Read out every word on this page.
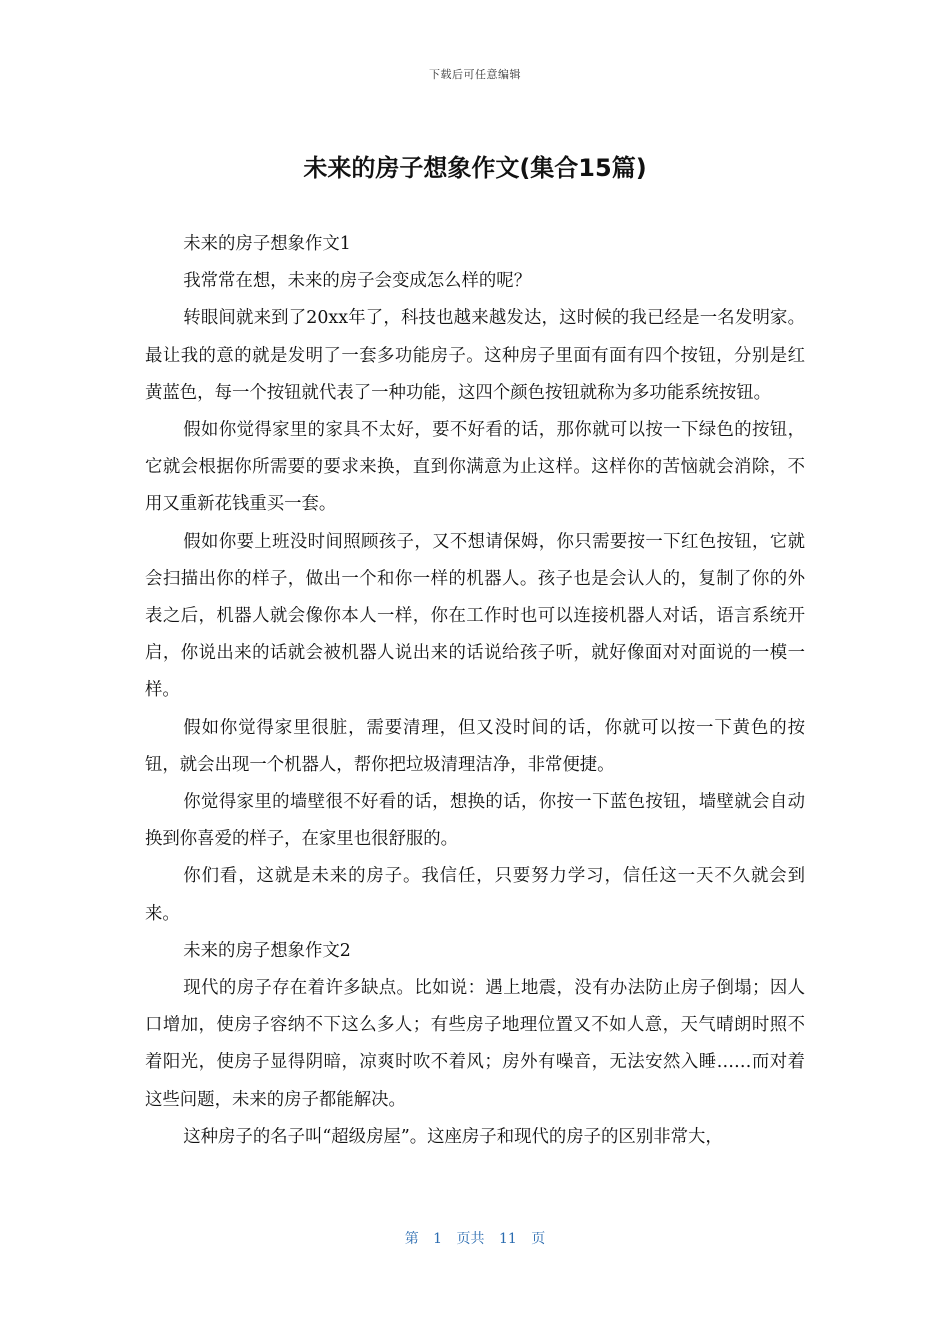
下载后可任意编辑
未来的房子想象作文(集合15篇)

未来的房子想象作文1

我常常在想，未来的房子会变成怎么样的呢？

转眼间就来到了20xx年了，科技也越来越发达，这时候的我已经是一名发明家。最让我的意的就是发明了一套多功能房子。这种房子里面有面有四个按钮，分别是红黄蓝色，每一个按钮就代表了一种功能，这四个颜色按钮就称为多功能系统按钮。

假如你觉得家里的家具不太好，要不好看的话，那你就可以按一下绿色的按钮，它就会根据你所需要的要求来换，直到你满意为止这样。这样你的苦恼就会消除，不用又重新花钱重买一套。

假如你要上班没时间照顾孩子，又不想请保姆，你只需要按一下红色按钮，它就会扫描出你的样子，做出一个和你一样的机器人。孩子也是会认人的，复制了你的外表之后，机器人就会像你本人一样，你在工作时也可以连接机器人对话，语言系统开启，你说出来的话就会被机器人说出来的话说给孩子听，就好像面对对面说的一模一样。

假如你觉得家里很脏，需要清理，但又没时间的话，你就可以按一下黄色的按钮，就会出现一个机器人，帮你把垃圾清理洁净，非常便捷。

你觉得家里的墙壁很不好看的话，想换的话，你按一下蓝色按钮，墙壁就会自动换到你喜爱的样子，在家里也很舒服的。

你们看，这就是未来的房子。我信任，只要努力学习，信任这一天不久就会到来。

未来的房子想象作文2

现代的房子存在着许多缺点。比如说：遇上地震，没有办法防止房子倒塌；因人口增加，使房子容纳不下这么多人；有些房子地理位置又不如人意，天气晴朗时照不着阳光，使房子显得阴暗，凉爽时吹不着风；房外有噪音，无法安然入睡……而对着这些问题，未来的房子都能解决。

这种房子的名子叫“超级房屋”。这座房子和现代的房子的区别非常大，

第 1 页共 11 页
